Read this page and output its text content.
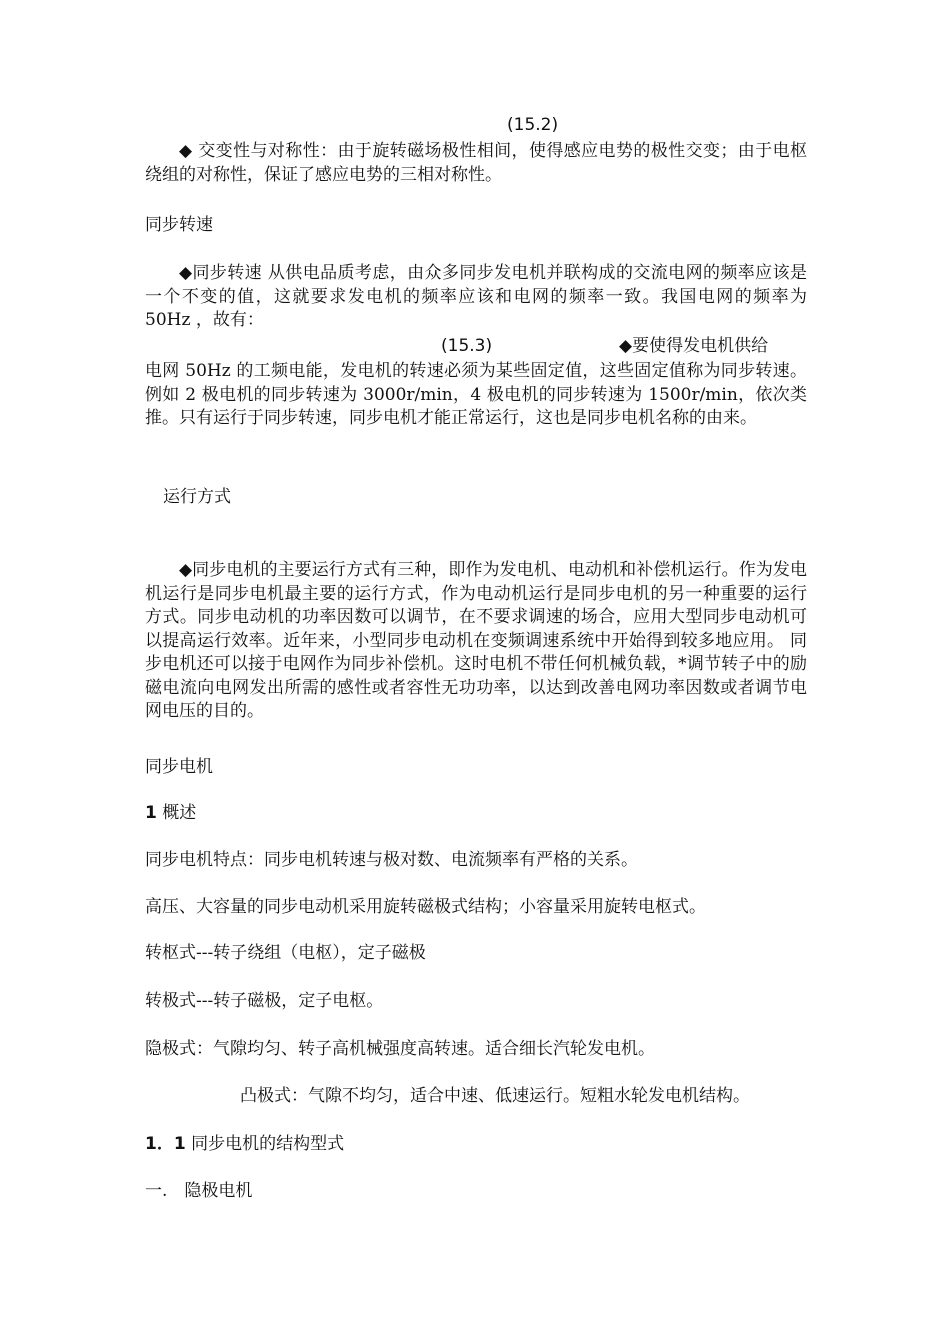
(15.2)
◆ 交变性与对称性：由于旋转磁场极性相间，使得感应电势的极性交变；由于电枢绕组的对称性，保证了感应电势的三相对称性。
同步转速
◆同步转速 从供电品质考虑，由众多同步发电机并联构成的交流电网的频率应该是一个不变的值，这就要求发电机的频率应该和电网的频率一致。我国电网的频率为 50Hz ，故有：
(15.3)	◆要使得发电机供给
电网 50Hz 的工频电能，发电机的转速必须为某些固定值，这些固定值称为同步转速。例如 2 极电机的同步转速为 3000r/min，4 极电机的同步转速为 1500r/min，依次类推。只有运行于同步转速，同步电机才能正常运行，这也是同步电机名称的由来。
运行方式
◆同步电机的主要运行方式有三种，即作为发电机、电动机和补偿机运行。作为发电机运行是同步电机最主要的运行方式，作为电动机运行是同步电机的另一种重要的运行方式。同步电动机的功率因数可以调节，在不要求调速的场合，应用大型同步电动机可以提高运行效率。近年来，小型同步电动机在变频调速系统中开始得到较多地应用。 同步电机还可以接于电网作为同步补偿机。这时电机不带任何机械负载，*调节转子中的励磁电流向电网发出所需的感性或者容性无功功率，以达到改善电网功率因数或者调节电网电压的目的。
同步电机
1 概述
同步电机特点：同步电机转速与极对数、电流频率有严格的关系。
高压、大容量的同步电动机采用旋转磁极式结构；小容量采用旋转电枢式。
转枢式---转子绕组（电枢），定子磁极
转极式---转子磁极，定子电枢。
隐极式：气隙均匀、转子高机械强度高转速。适合细长汽轮发电机。
凸极式：气隙不均匀，适合中速、低速运行。短粗水轮发电机结构。
1．1 同步电机的结构型式
一.　隐极电机
